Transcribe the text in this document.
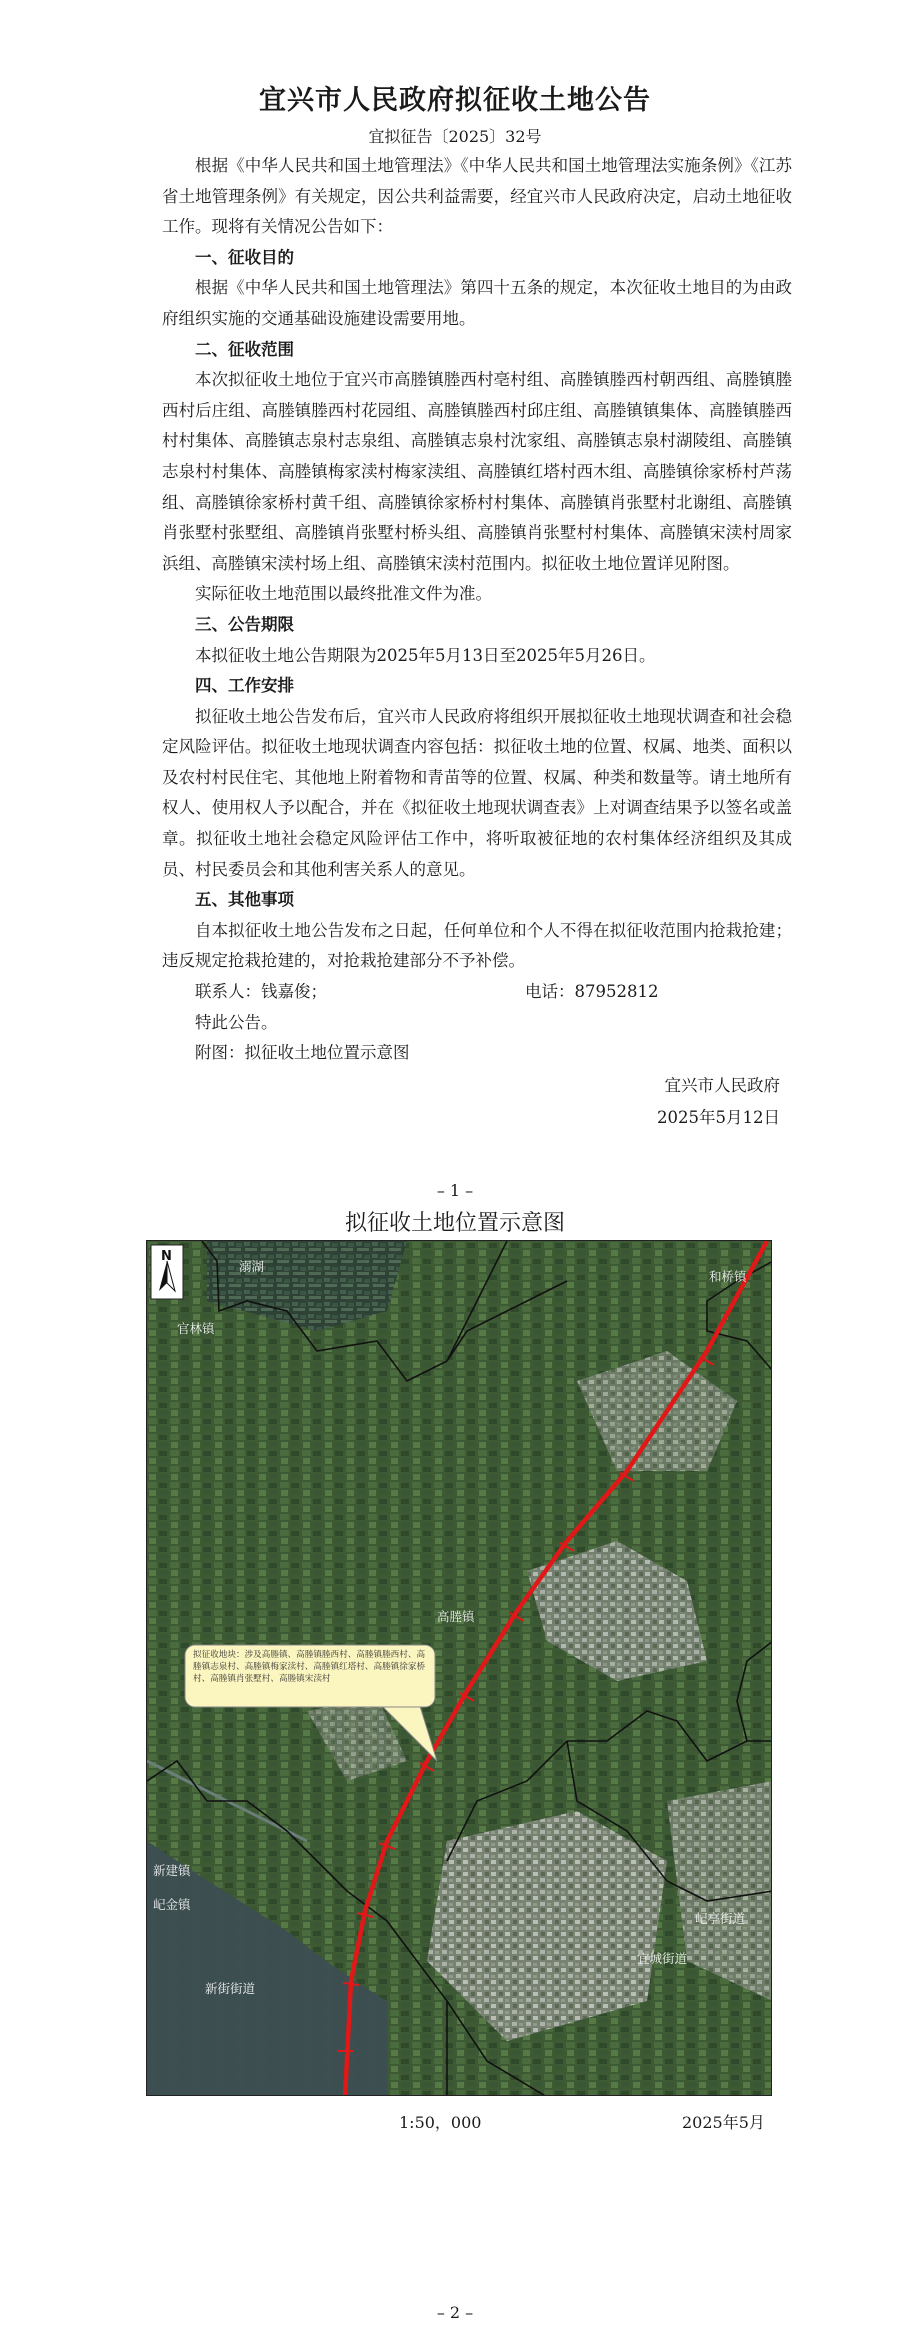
宜兴市人民政府拟征收土地公告
宜拟征告〔2025〕32号
根据《中华人民共和国土地管理法》《中华人民共和国土地管理法实施条例》《江苏省土地管理条例》有关规定，因公共利益需要，经宜兴市人民政府决定，启动土地征收工作。现将有关情况公告如下：
一、征收目的
根据《中华人民共和国土地管理法》第四十五条的规定，本次征收土地目的为由政府组织实施的交通基础设施建设需要用地。
二、征收范围
本次拟征收土地位于宜兴市高塍镇塍西村亳村组、高塍镇塍西村朝西组、高塍镇塍西村后庄组、高塍镇塍西村花园组、高塍镇塍西村邱庄组、高塍镇镇集体、高塍镇塍西村村集体、高塍镇志泉村志泉组、高塍镇志泉村沈家组、高塍镇志泉村湖陵组、高塍镇志泉村村集体、高塍镇梅家渎村梅家渎组、高塍镇红塔村西木组、高塍镇徐家桥村芦荡组、高塍镇徐家桥村黄千组、高塍镇徐家桥村村集体、高塍镇肖张墅村北谢组、高塍镇肖张墅村张墅组、高塍镇肖张墅村桥头组、高塍镇肖张墅村村集体、高塍镇宋渎村周家浜组、高塍镇宋渎村场上组、高塍镇宋渎村范围内。拟征收土地位置详见附图。
实际征收土地范围以最终批准文件为准。
三、公告期限
本拟征收土地公告期限为2025年5月13日至2025年5月26日。
四、工作安排
拟征收土地公告发布后，宜兴市人民政府将组织开展拟征收土地现状调查和社会稳定风险评估。拟征收土地现状调查内容包括：拟征收土地的位置、权属、地类、面积以及农村村民住宅、其他地上附着物和青苗等的位置、权属、种类和数量等。请土地所有权人、使用权人予以配合，并在《拟征收土地现状调查表》上对调查结果予以签名或盖章。拟征收土地社会稳定风险评估工作中，将听取被征地的农村集体经济组织及其成员、村民委员会和其他利害关系人的意见。
五、其他事项
自本拟征收土地公告发布之日起，任何单位和个人不得在拟征收范围内抢栽抢建；违反规定抢栽抢建的，对抢栽抢建部分不予补偿。
联系人：钱嘉俊；	电话：87952812
特此公告。
附图：拟征收土地位置示意图
宜兴市人民政府
2025年5月12日
– 1 –
拟征收土地位置示意图
N
溺湖
官林镇
和桥镇
高塍镇
新建镇
屺金镇
新街街道
宜城街道
屺亭街道
拟征收地块：涉及高塍镇、高塍镇塍西村、高塍镇塍西村、高塍镇志泉村、高塍镇梅家渎村、高塍镇红塔村、高塍镇徐家桥村、高塍镇肖张墅村、高塍镇宋渎村
1:50，000	2025年5月
– 2 –
